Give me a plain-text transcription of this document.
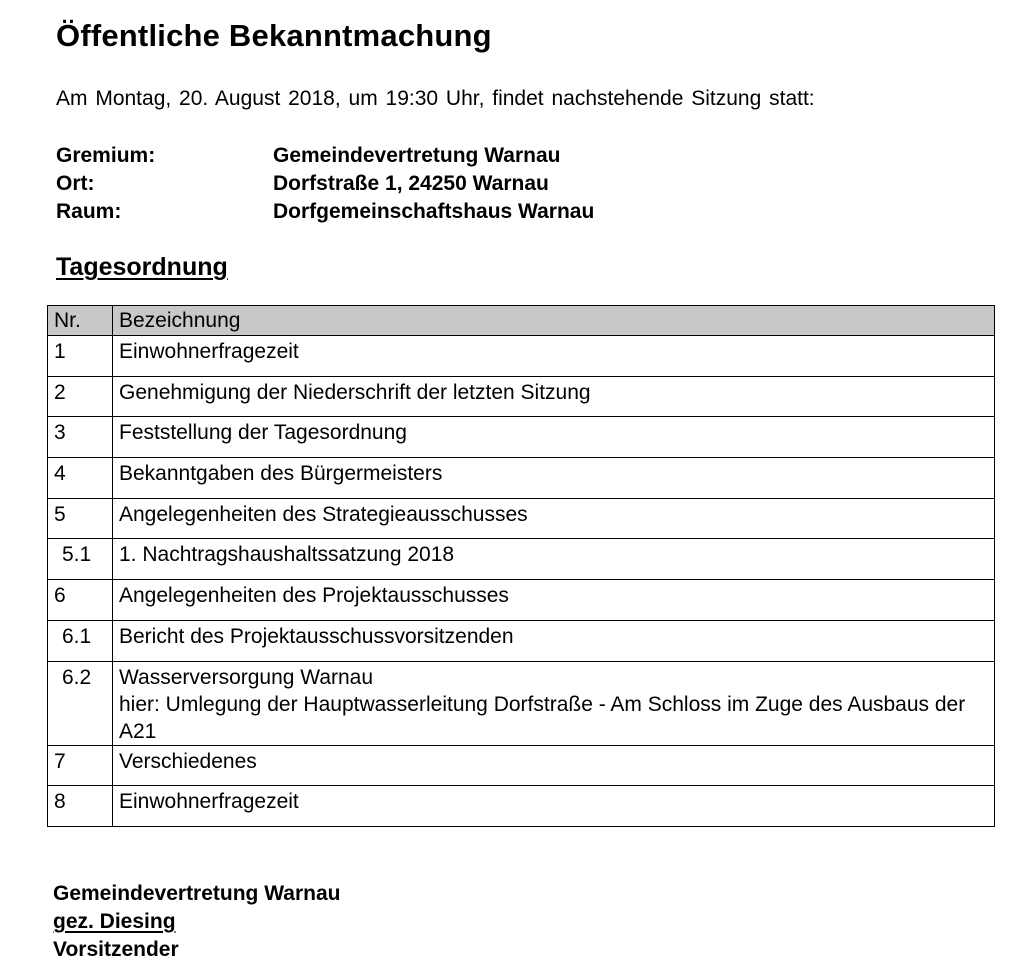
Öffentliche Bekanntmachung

Am Montag, 20. August 2018, um 19:30 Uhr, findet nachstehende Sitzung statt:

Gremium:	Gemeindevertretung Warnau
Ort:	Dorfstraße 1, 24250 Warnau
Raum:	Dorfgemeinschaftshaus Warnau
Tagesordnung
Nr.	Bezeichnung
1	Einwohnerfragezeit

2	Genehmigung der Niederschrift der letzten Sitzung

3	Feststellung der Tagesordnung

4	Bekanntgaben des Bürgermeisters

5	Angelegenheiten des Strategieausschusses

5.1	1. Nachtragshaushaltssatzung 2018

6	Angelegenheiten des Projektausschusses

6.1	Bericht des Projektausschussvorsitzenden

6.2	Wasserversorgung Warnau
hier: Umlegung der Hauptwasserleitung Dorfstraße - Am Schloss im Zuge des Ausbaus der A21

7	Verschiedenes

8	Einwohnerfragezeit
Gemeindevertretung Warnau
gez. Diesing
Vorsitzender
